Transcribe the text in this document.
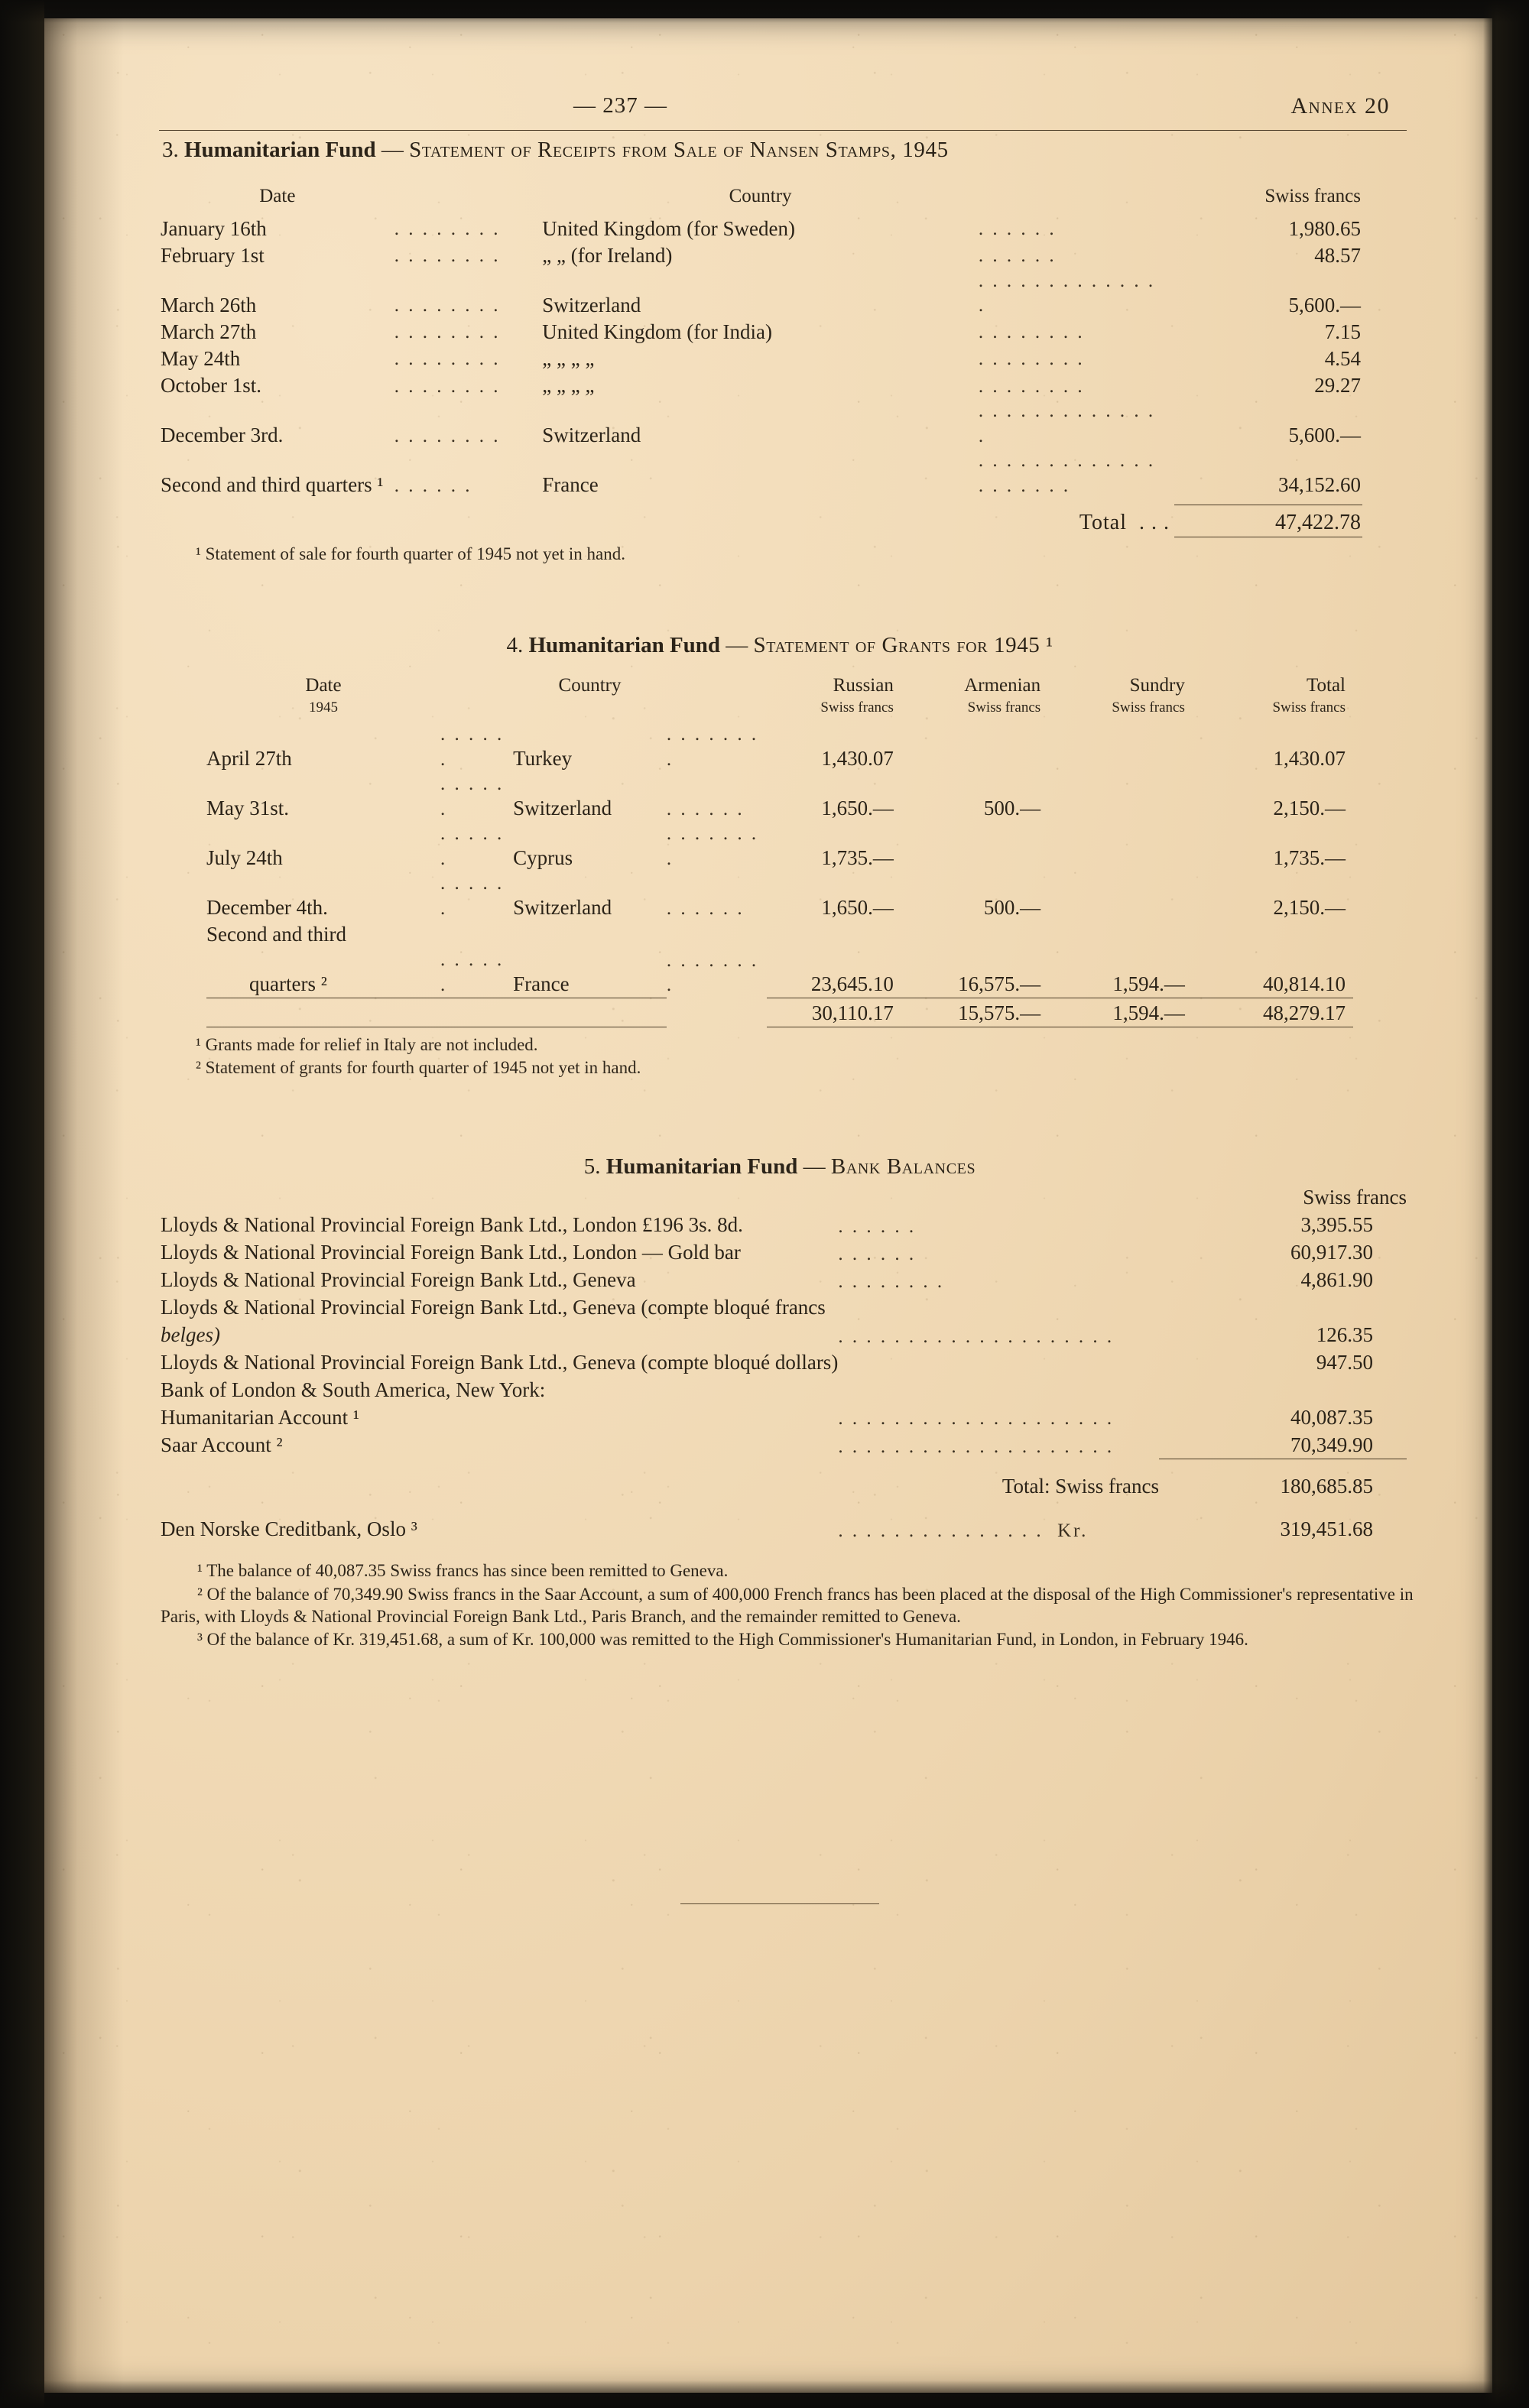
— 237 —	Annex 20
3. Humanitarian Fund — Statement of Receipts from Sale of Nansen Stamps, 1945
Date		Country		Swiss francs
January 16th	. . . . . . . .	United Kingdom (for Sweden)	. . . . . .	1,980.65
February 1st	. . . . . . . .	„ „ (for Ireland)	. . . . . .	48.57
March 26th	. . . . . . . .	Switzerland	. . . . . . . . . . . . . .	5,600.—
March 27th	. . . . . . . .	United Kingdom (for India)	. . . . . . . .	7.15
May 24th	. . . . . . . .	„ „ „ „	. . . . . . . .	4.54
October 1st.	. . . . . . . .	„ „ „ „	. . . . . . . .	29.27
December 3rd.	. . . . . . . .	Switzerland	. . . . . . . . . . . . . .	5,600.—
Second and third quarters ¹	. . . . . .	France	. . . . . . . . . . . . . . . . . . . .	34,152.60
Total  . . .	47,422.78

¹ Statement of sale for fourth quarter of 1945 not yet in hand.

4. Humanitarian Fund — Statement of Grants for 1945 ¹
Date		Country		Russian	Armenian	Sundry	Total
1945				Swiss francs	Swiss francs	Swiss francs	Swiss francs
April 27th	. . . . . .	Turkey	. . . . . . . .	1,430.07			1,430.07
May 31st.	. . . . . .	Switzerland	. . . . . .	1,650.—	500.—		2,150.—
July 24th	. . . . . .	Cyprus	. . . . . . . .	1,735.—			1,735.—
December 4th.	. . . . . .	Switzerland	. . . . . .	1,650.—	500.—		2,150.—
Second and third							
quarters ²	. . . . . .	France	. . . . . . . .	23,645.10	16,575.—	1,594.—	40,814.10

				30,110.17	15,575.—	1,594.—	48,279.17

¹ Grants made for relief in Italy are not included.

² Statement of grants for fourth quarter of 1945 not yet in hand.

5. Humanitarian Fund — Bank Balances
		Swiss francs
Lloyds & National Provincial Foreign Bank Ltd., London £196 3s. 8d.	. . . . . .	3,395.55
Lloyds & National Provincial Foreign Bank Ltd., London — Gold bar	. . . . . .	60,917.30
Lloyds & National Provincial Foreign Bank Ltd., Geneva	. . . . . . . .	4,861.90
Lloyds & National Provincial Foreign Bank Ltd., Geneva (compte bloqué francs		
belges)	. . . . . . . . . . . . . . . . . . . .	126.35
Lloyds & National Provincial Foreign Bank Ltd., Geneva (compte bloqué dollars)		947.50
Bank of London & South America, New York:		
Humanitarian Account ¹	. . . . . . . . . . . . . . . . . . . .	40,087.35
Saar Account ²	. . . . . . . . . . . . . . . . . . . .	70,349.90

	Total: Swiss francs	180,685.85
Den Norske Creditbank, Oslo ³	. . . . . . . . . . . . . . .  Kr.	319,451.68

¹ The balance of 40,087.35 Swiss francs has since been remitted to Geneva.

² Of the balance of 70,349.90 Swiss francs in the Saar Account, a sum of 400,000 French francs has been placed at the disposal of the High Commissioner's representative in Paris, with Lloyds & National Provincial Foreign Bank Ltd., Paris Branch, and the remainder remitted to Geneva.

³ Of the balance of Kr. 319,451.68, a sum of Kr. 100,000 was remitted to the High Commissioner's Humanitarian Fund, in London, in February 1946.
